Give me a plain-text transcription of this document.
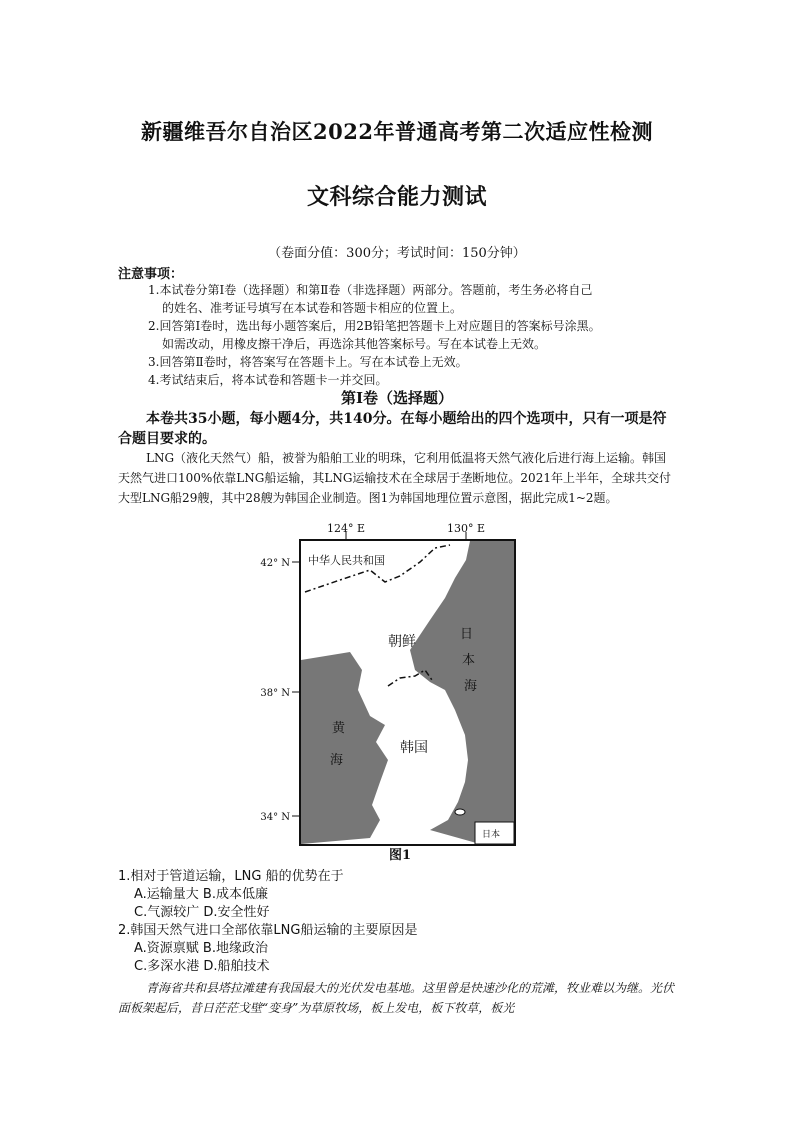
新疆维吾尔自治区2022年普通高考第二次适应性检测
文科综合能力测试
（卷面分值：300分；考试时间：150分钟）
注意事项：
1.本试卷分第Ⅰ卷（选择题）和第Ⅱ卷（非选择题）两部分。答题前，考生务必将自己
的姓名、准考证号填写在本试卷和答题卡相应的位置上。
2.回答第Ⅰ卷时，选出每小题答案后，用2B铅笔把答题卡上对应题目的答案标号涂黑。
如需改动，用橡皮擦干净后，再选涂其他答案标号。写在本试卷上无效。
3.回答第Ⅱ卷时，将答案写在答题卡上。写在本试卷上无效。
4.考试结束后，将本试卷和答题卡一并交回。
第Ⅰ卷（选择题）
本卷共35小题，每小题4分，共140分。在每小题给出的四个选项中，只有一项是符合题目要求的。
LNG（液化天然气）船，被誉为船舶工业的明珠，它利用低温将天然气液化后进行海上运输。韩国天然气进口100%依靠LNG船运输，其LNG运输技术在全球居于垄断地位。2021年上半年，全球共交付大型LNG船29艘，其中28艘为韩国企业制造。图1为韩国地理位置示意图，据此完成1~2题。
124° E	130° E
42° N
38° N
34° N
中华人民共和国
朝鲜
韩国
日
本
海
黄
海
日本
图1
1.相对于管道运输，LNG 船的优势在于
A.运输量大 B.成本低廉
C.气源较广 D.安全性好
2.韩国天然气进口全部依靠LNG船运输的主要原因是
A.资源禀赋 B.地缘政治
C.多深水港 D.船舶技术
青海省共和县塔拉滩建有我国最大的光伏发电基地。这里曾是快速沙化的荒滩，牧业难以为继。光伏面板架起后，昔日茫茫戈壁“变身”为草原牧场，板上发电，板下牧草，板光
